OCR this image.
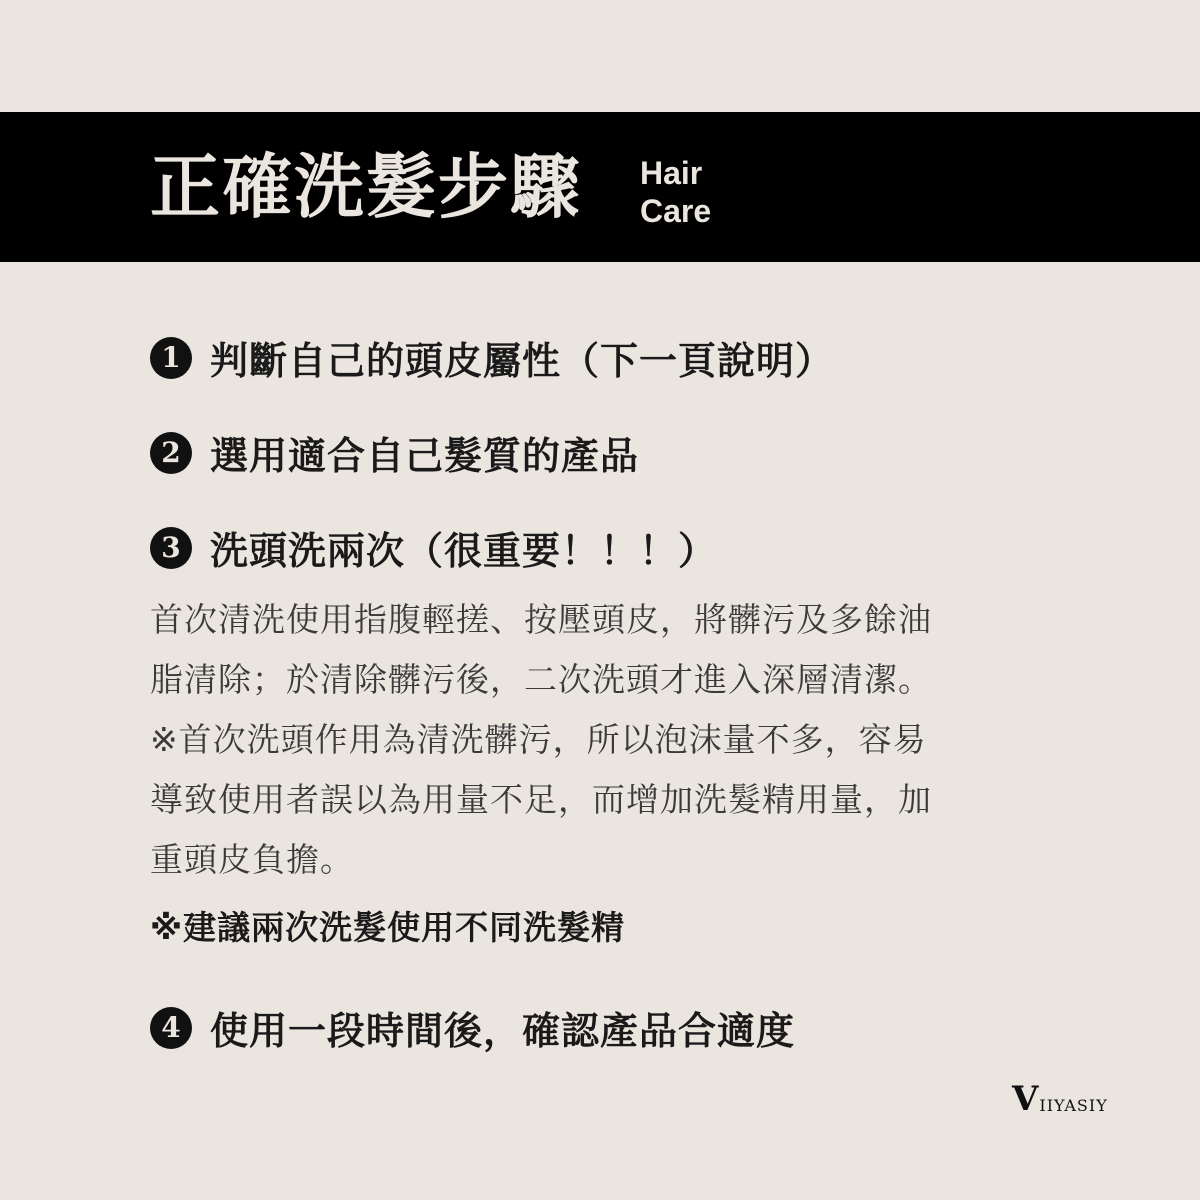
正確洗髮步驟 Hair
Care
1 判斷自己的頭皮屬性（下一頁說明）
2 選用適合自己髮質的產品
3 洗頭洗兩次（很重要！！！）
首次清洗使用指腹輕搓、按壓頭皮，將髒污及多餘油
脂清除；於清除髒污後，二次洗頭才進入深層清潔。
※首次洗頭作用為清洗髒污，所以泡沫量不多，容易
導致使用者誤以為用量不足，而增加洗髮精用量，加
重頭皮負擔。
※建議兩次洗髮使用不同洗髮精
4 使用一段時間後，確認產品合適度
V IIYASIY
